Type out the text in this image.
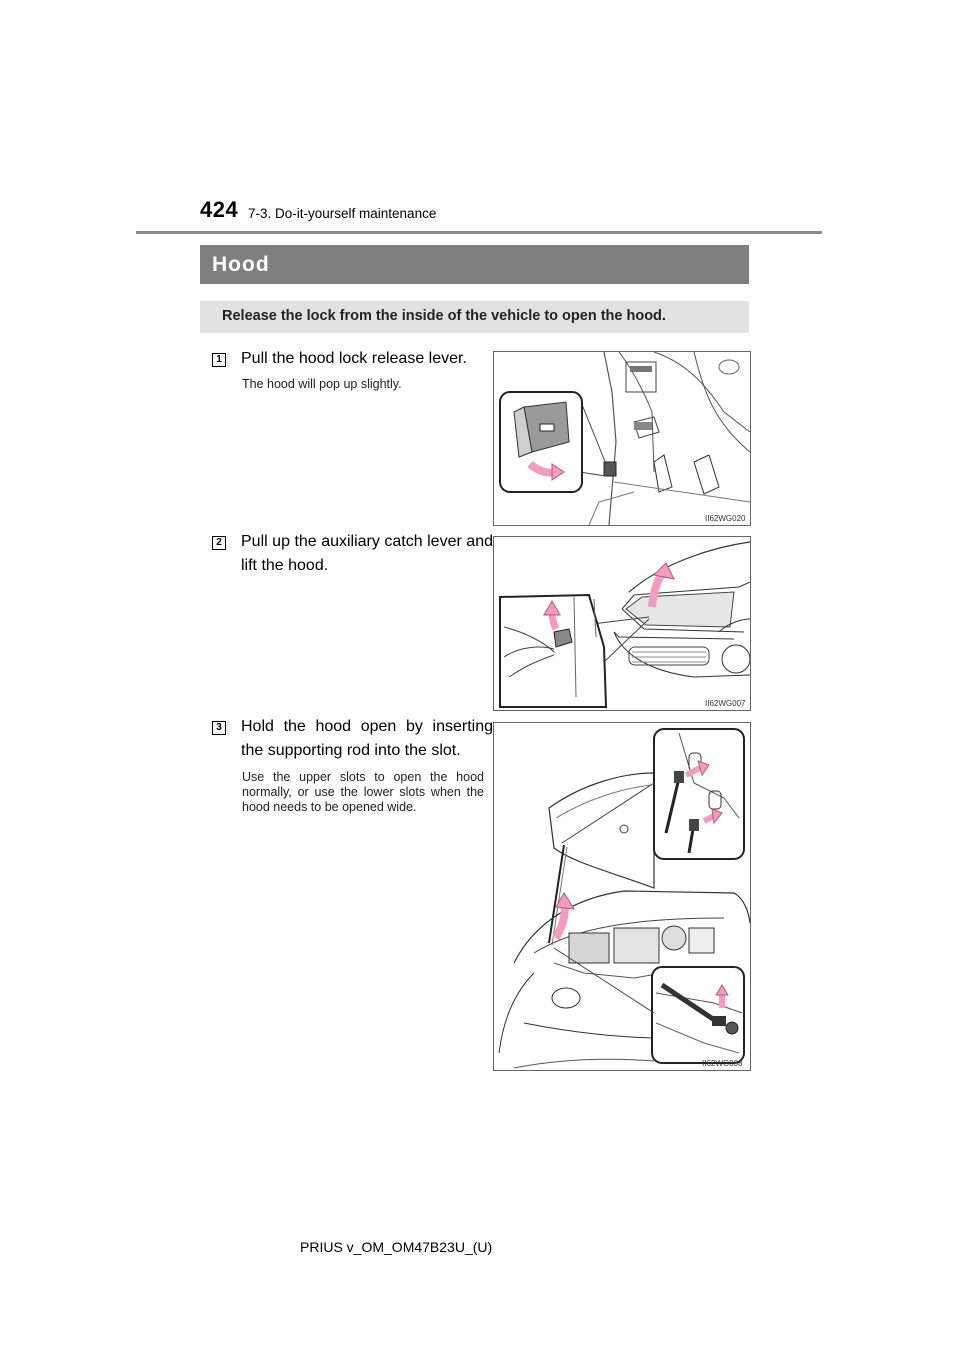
424 7-3. Do-it-yourself maintenance
Hood
Release the lock from the inside of the vehicle to open the hood.
1 Pull the hood lock release lever.
The hood will pop up slightly.
II62WG020
2 Pull up the auxiliary catch lever and lift the hood.
II62WG007
3 Hold the hood open by inserting the supporting rod into the slot.
Use the upper slots to open the hood normally, or use the lower slots when the hood needs to be opened wide.
II62WG008
PRIUS v_OM_OM47B23U_(U)
